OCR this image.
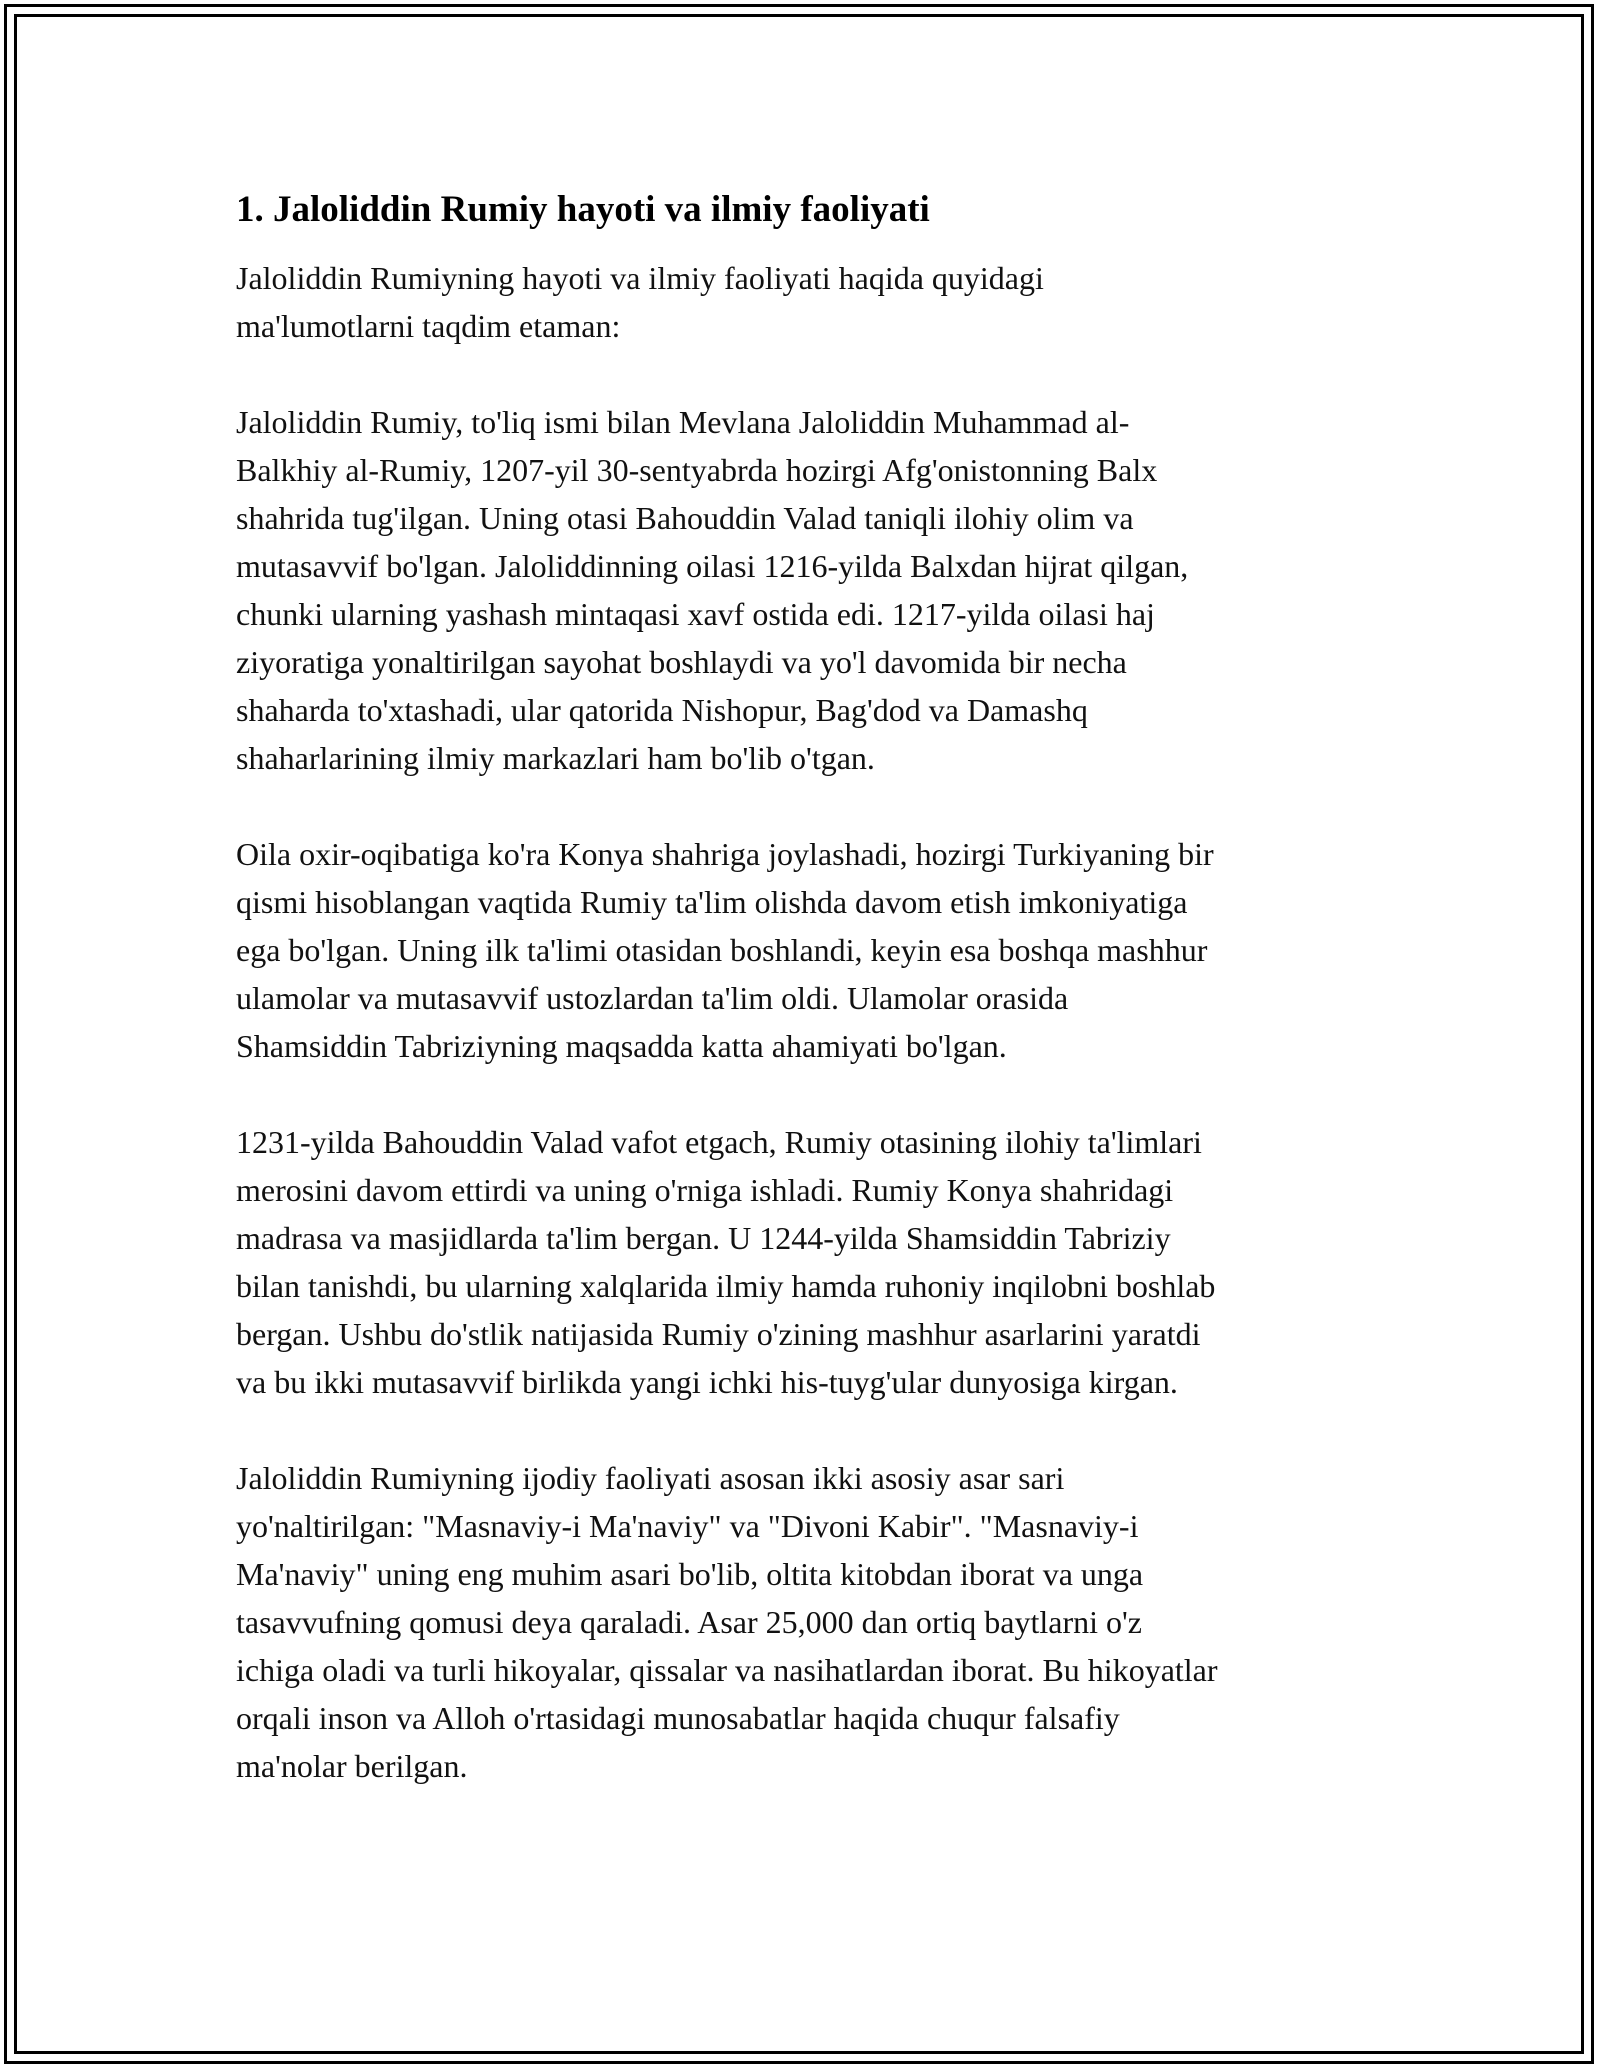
1. Jaloliddin Rumiy hayoti va ilmiy faoliyati

Jaloliddin Rumiyning hayoti va ilmiy faoliyati haqida quyidagi
ma'lumotlarni taqdim etaman:

Jaloliddin Rumiy, to'liq ismi bilan Mevlana Jaloliddin Muhammad al-
Balkhiy al-Rumiy, 1207-yil 30-sentyabrda hozirgi Afg'onistonning Balx
shahrida tug'ilgan. Uning otasi Bahouddin Valad taniqli ilohiy olim va
mutasavvif bo'lgan. Jaloliddinning oilasi 1216-yilda Balxdan hijrat qilgan,
chunki ularning yashash mintaqasi xavf ostida edi. 1217-yilda oilasi haj
ziyoratiga yonaltirilgan sayohat boshlaydi va yo'l davomida bir necha
shaharda to'xtashadi, ular qatorida Nishopur, Bag'dod va Damashq
shaharlarining ilmiy markazlari ham bo'lib o'tgan.

Oila oxir-oqibatiga ko'ra Konya shahriga joylashadi, hozirgi Turkiyaning bir
qismi hisoblangan vaqtida Rumiy ta'lim olishda davom etish imkoniyatiga
ega bo'lgan. Uning ilk ta'limi otasidan boshlandi, keyin esa boshqa mashhur
ulamolar va mutasavvif ustozlardan ta'lim oldi. Ulamolar orasida
Shamsiddin Tabriziyning maqsadda katta ahamiyati bo'lgan.

1231-yilda Bahouddin Valad vafot etgach, Rumiy otasining ilohiy ta'limlari
merosini davom ettirdi va uning o'rniga ishladi. Rumiy Konya shahridagi
madrasa va masjidlarda ta'lim bergan. U 1244-yilda Shamsiddin Tabriziy
bilan tanishdi, bu ularning xalqlarida ilmiy hamda ruhoniy inqilobni boshlab
bergan. Ushbu do'stlik natijasida Rumiy o'zining mashhur asarlarini yaratdi
va bu ikki mutasavvif birlikda yangi ichki his-tuyg'ular dunyosiga kirgan.

Jaloliddin Rumiyning ijodiy faoliyati asosan ikki asosiy asar sari
yo'naltirilgan: "Masnaviy-i Ma'naviy" va "Divoni Kabir". "Masnaviy-i
Ma'naviy" uning eng muhim asari bo'lib, oltita kitobdan iborat va unga
tasavvufning qomusi deya qaraladi. Asar 25,000 dan ortiq baytlarni o'z
ichiga oladi va turli hikoyalar, qissalar va nasihatlardan iborat. Bu hikoyatlar
orqali inson va Alloh o'rtasidagi munosabatlar haqida chuqur falsafiy
ma'nolar berilgan.
